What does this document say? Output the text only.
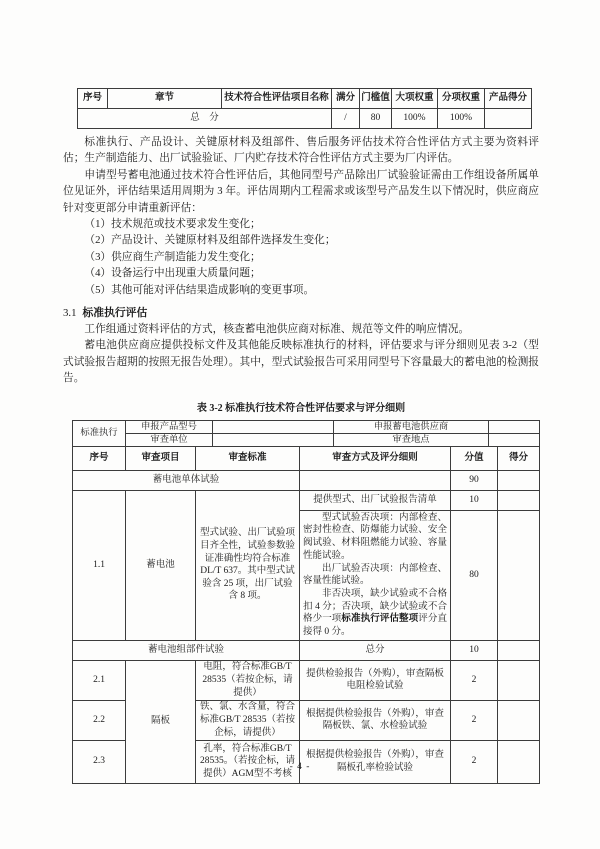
序号	章节	技术符合性评估项目名称	满分	门槛值	大项权重	分项权重	产品得分
总　分			/	80	100%	100%	

标准执行、产品设计、关键原材料及组部件、售后服务评估技术符合性评估方式主要为资料评估；生产制造能力、出厂试验验证、厂内贮存技术符合性评估方式主要为厂内评估。

申请型号蓄电池通过技术符合性评估后，其他同型号产品除出厂试验验证需由工作组设备所属单位见证外，评估结果适用周期为 3 年。评估周期内工程需求或该型号产品发生以下情况时，供应商应针对变更部分申请重新评估：

（1）技术规范或技术要求发生变化；
（2）产品设计、关键原材料及组部件选择发生变化；
（3）供应商生产制造能力发生变化；
（4）设备运行中出现重大质量问题；
（5）其他可能对评估结果造成影响的变更事项。
3.1 标准执行评估

工作组通过资料评估的方式，核查蓄电池供应商对标准、规范等文件的响应情况。

蓄电池供应商应提供投标文件及其他能反映标准执行的材料，评估要求与评分细则见表 3-2（型式试验报告超期的按照无报告处理）。其中，型式试验报告可采用同型号下容量最大的蓄电池的检测报告。

表 3-2 标准执行技术符合性评估要求与评分细则
标准执行	申报产品型号		申报蓄电池供应商	
	审查单位		审查地点	
序号	审查项目	审查标准	审查方式及评分细则	分值	得分
蓄电池单体试验				90	
1.1	蓄电池	型式试验、出厂试验项目齐全性，试验参数验证准确性均符合标准 DL/T 637。其中型式试验含 25 项，出厂试验含 8 项。	提供型式、出厂试验报告清单	10	

			型式试验否决项：内部检查、密封性检查、防爆能力试验、安全阀试验、材料阻燃能力试验、容量性能试验。

出厂试验否决项：内部检查、容量性能试验。

非否决项，缺少试验或不合格扣 4 分；否决项，缺少试验或不合格少一项标准执行评估整项评分直接得 0 分。	80	
蓄电池组部件试验			总分	10	
2.1	隔板	电阻，符合标准GB/T 28535（若按企标，请提供）	提供检验报告（外购），审查隔板电阻检验试验	2	
2.2		铁、氯、水含量，符合标准GB/T 28535（若按企标，请提供）	根据提供检验报告（外购），审查隔板铁、氯、水检验试验	2	
2.3		孔率，符合标准GB/T 28535。（若按企标，请提供）AGM型不考核	根据提供检验报告（外购），审查隔板孔率检验试验	2	
- 4 -
